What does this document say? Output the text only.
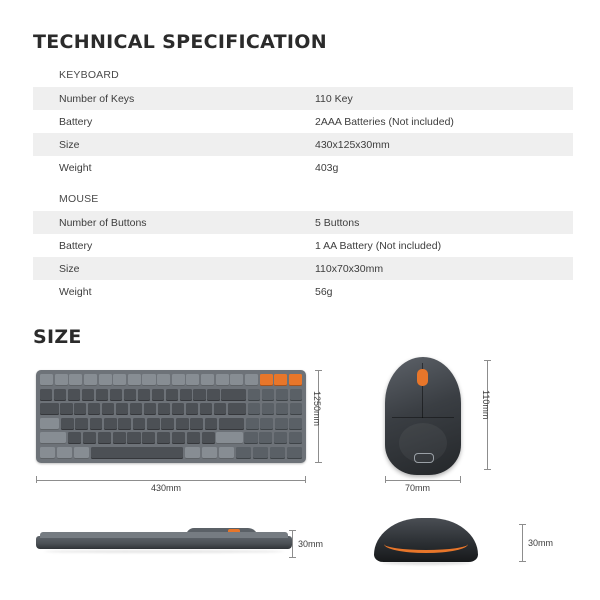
TECHNICAL SPECIFICATION
KEYBOARD
Number of Keys	110 Key
Battery	2AAA Batteries (Not included)
Size	430x125x30mm
Weight	403g
MOUSE
Number of Buttons	5 Buttons
Battery	1 AA Battery (Not included)
Size	110x70x30mm
Weight	56g
SIZE
430mm
1250mm
30mm
70mm
110mm
30mm
